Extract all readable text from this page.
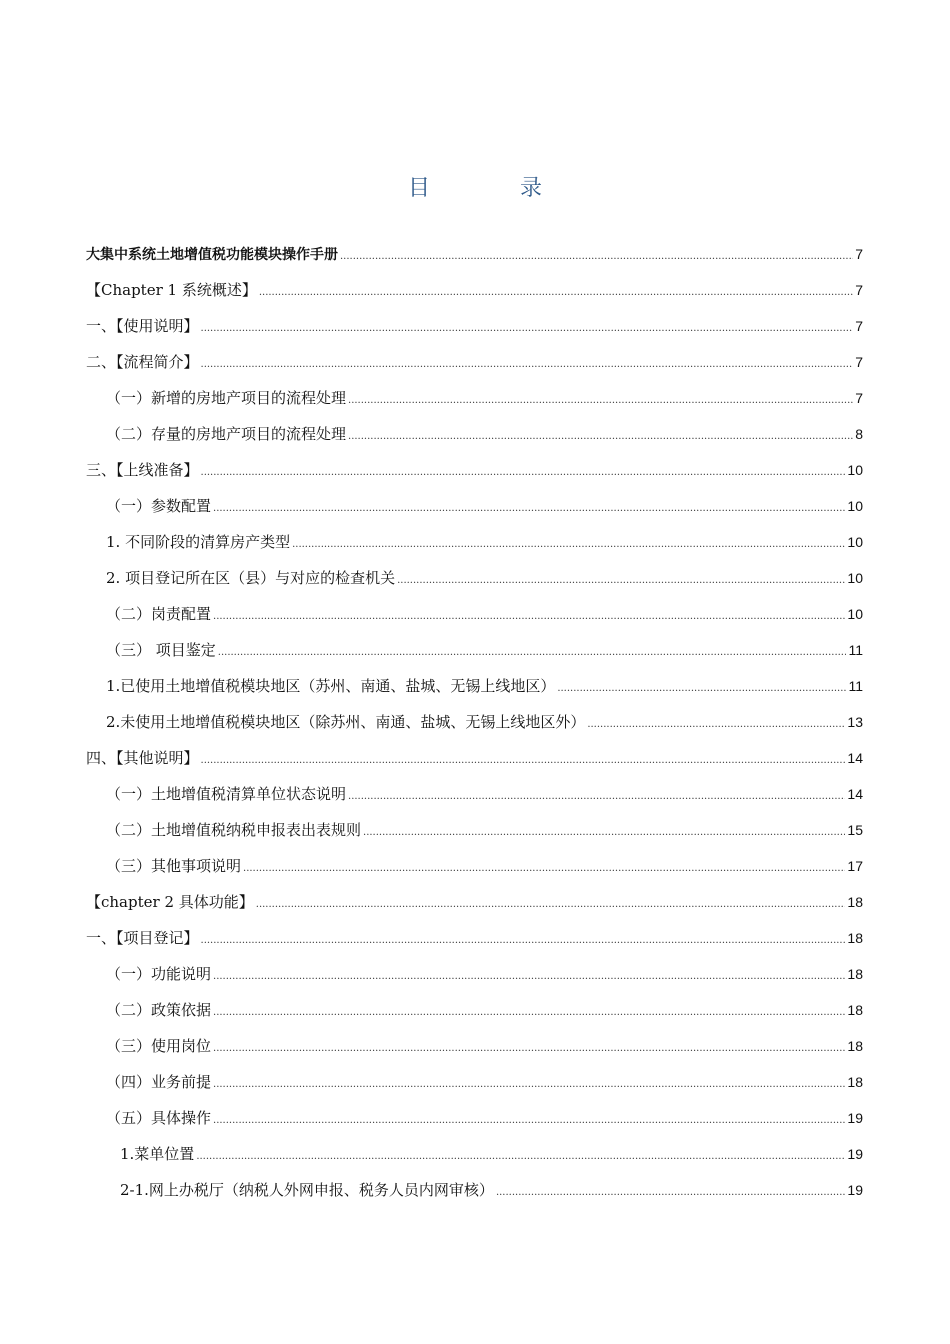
目　录
大集中系统土地增值税功能模块操作手册 .....	7
【Chapter 1 系统概述】 .....	7
一、【使用说明】 .....	7
二、【流程简介】 .....	7
（一）新增的房地产项目的流程处理 .....	7
（二）存量的房地产项目的流程处理 .....	8
三、【上线准备】 .....	10
（一）参数配置 .....	10
1. 不同阶段的清算房产类型 .....	10
2. 项目登记所在区（县）与对应的检查机关 .....	10
（二）岗责配置 .....	10
（三） 项目鉴定 .....	11
1.已使用土地增值税模块地区（苏州、南通、盐城、无锡上线地区） .....	11
2.未使用土地增值税模块地区（除苏州、南通、盐城、无锡上线地区外） .....	13
四、【其他说明】 .....	14
（一）土地增值税清算单位状态说明 .....	14
（二）土地增值税纳税申报表出表规则 .....	15
（三）其他事项说明 .....	17
【chapter 2 具体功能】 .....	18
一、【项目登记】 .....	18
（一）功能说明 .....	18
（二）政策依据 .....	18
（三）使用岗位 .....	18
（四）业务前提 .....	18
（五）具体操作 .....	19
1.菜单位置 .....	19
2-1.网上办税厅（纳税人外网申报、税务人员内网审核） .....	19
